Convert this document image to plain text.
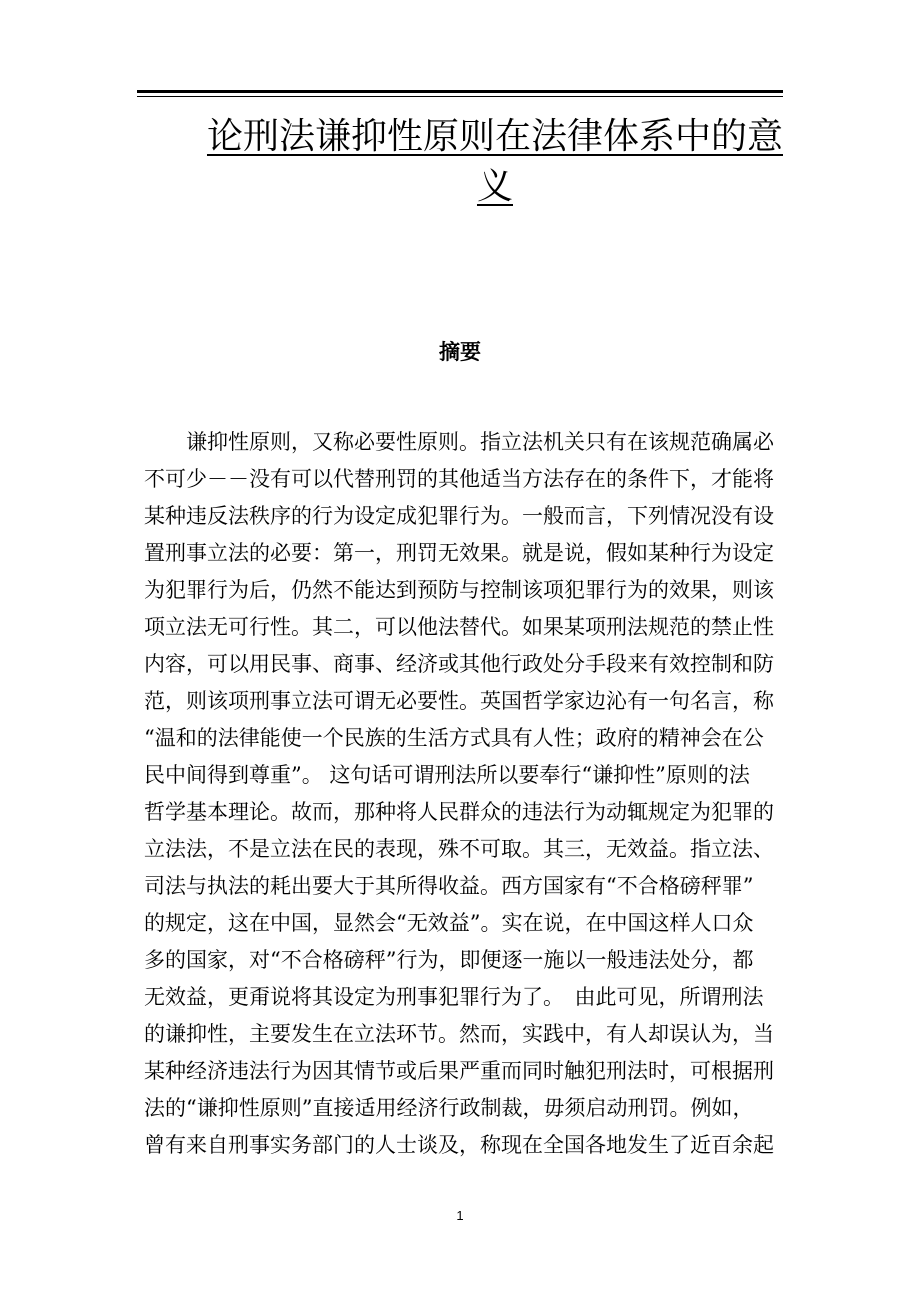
论刑法谦抑性原则在法律体系中的意
义
摘要
　　谦抑性原则，又称必要性原则。指立法机关只有在该规范确属必
不可少－－没有可以代替刑罚的其他适当方法存在的条件下，才能将
某种违反法秩序的行为设定成犯罪行为。一般而言，下列情况没有设
置刑事立法的必要：第一，刑罚无效果。就是说，假如某种行为设定
为犯罪行为后，仍然不能达到预防与控制该项犯罪行为的效果，则该
项立法无可行性。其二，可以他法替代。如果某项刑法规范的禁止性
内容，可以用民事、商事、经济或其他行政处分手段来有效控制和防
范，则该项刑事立法可谓无必要性。英国哲学家边沁有一句名言，称
“温和的法律能使一个民族的生活方式具有人性；政府的精神会在公
民中间得到尊重”。 这句话可谓刑法所以要奉行“谦抑性”原则的法
哲学基本理论。故而，那种将人民群众的违法行为动辄规定为犯罪的
立法法，不是立法在民的表现，殊不可取。其三，无效益。指立法、
司法与执法的耗出要大于其所得收益。西方国家有“不合格磅秤罪”
的规定，这在中国，显然会“无效益”。实在说，在中国这样人口众
多的国家，对“不合格磅秤”行为，即便逐一施以一般违法处分，都
无效益，更甭说将其设定为刑事犯罪行为了。　由此可见，所谓刑法
的谦抑性，主要发生在立法环节。然而，实践中，有人却误认为，当
某种经济违法行为因其情节或后果严重而同时触犯刑法时，可根据刑
法的“谦抑性原则”直接适用经济行政制裁，毋须启动刑罚。例如，
曾有来自刑事实务部门的人士谈及，称现在全国各地发生了近百余起
1
